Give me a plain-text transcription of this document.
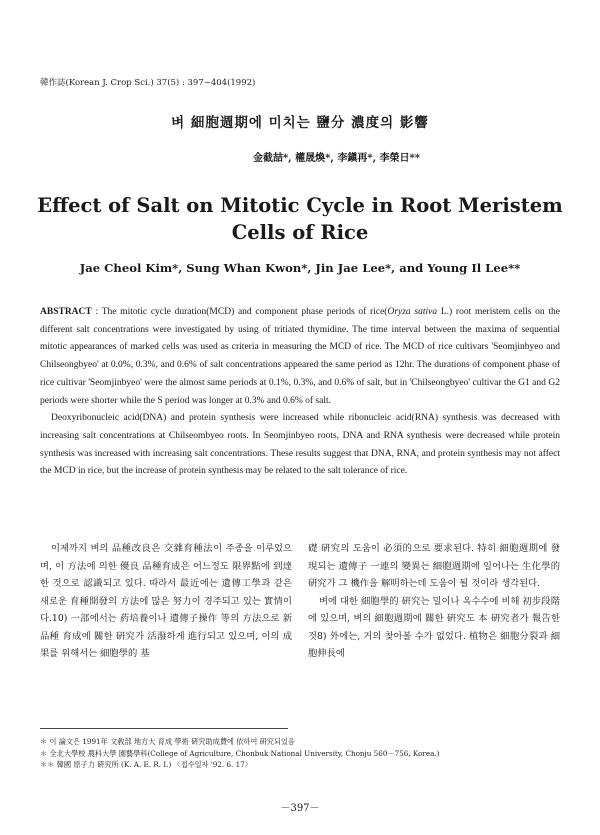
韓作誌(Korean J. Crop Sci.) 37(5) : 397∼404(1992)
벼 細胞週期에 미치는 鹽分 濃度의 影響
金截喆*, 權晟煥*, 李鎭再*, 李榮日**
Effect of Salt on Mitotic Cycle in Root Meristem
Cells of Rice
Jae Cheol Kim*, Sung Whan Kwon*, Jin Jae Lee*, and Young Il Lee**

ABSTRACT : The mitotic cycle duration(MCD) and component phase periods of rice(Oryza sativa L.) root meristem cells on the different salt concentrations were investigated by using of tritiated thymidine. The time interval between the maxima of sequential mitotic appearances of marked cells was used as criteria in measuring the MCD of rice. The MCD of rice cultivars 'Seomjinbyeo and Chilseongbyeo' at 0.0%, 0.3%, and 0.6% of salt concentrations appeared the same period as 12hr. The durations of component phase of rice cultivar 'Seomjinbyeo' were the almost same periods at 0.1%, 0.3%, and 0.6% of salt, but in 'Chilseongbyeo' cultivar the G1 and G2 periods were shorter while the S period was longer at 0.3% and 0.6% of salt.

Deoxyribonucleic acid(DNA) and protein synthesis were increased while ribonucleic acid(RNA) synthesis was decreased with increasing salt concentrations at Chilseombyeo roots. In Seomjinbyeo roots, DNA and RNA synthesis were decreased while protein synthesis was increased with increasing salt concentrations. These results suggest that DNA, RNA, and protein synthesis may not affect the MCD in rice, but the increase of protein synthesis may be related to the salt tolerance of rice.

이제까지 벼의 品種改良은 交雜育種法이 주종을 이루었으며, 이 方法에 의한 優良 品種育成은 어느정도 限界點에 到達한 것으로 認識되고 있다. 따라서 最近에는 遺傳工學과 같은 새로운 育種開發의 方法에 많은 努力이 경주되고 있는 實情이다.10) 一部에서는 葯培養이나 遺傳子操作 等의 方法으로 新品種 育成에 關한 硏究가 活潑하게 進行되고 있으며, 이의 成果를 위해서는 細胞學的 基

礎 硏究의 도움이 必須的으로 要求된다. 特히 細胞週期에 發現되는 遺傳子 一連의 變異는 細胞週期에 일어나는 生化學的 硏究가 그 機作을 解明하는데 도움이 될 것이라 생각된다.

벼에 대한 細胞學的 硏究는 밀이나 옥수수에 비해 初步段階에 있으며, 벼의 細胞週期에 關한 硏究도 本 硏究者가 報告한 것8) 外에는, 거의 찾아볼 수가 없었다. 植物은 細胞分裂과 細胞伸長에

＊ 이 論文은 1991年 文敎部 地方大 育成 學術 硏究助成費에 依하여 硏究되었음
＊ 全北大學校 農科大學 園藝學科(College of Agriculture, Chonbuk National University, Chonju 560－756, Korea.)
＊＊ 韓國 原子力 硏究所 (K. A. E. R. I.) 〈접수일자 '92. 6. 17〉
－397－
